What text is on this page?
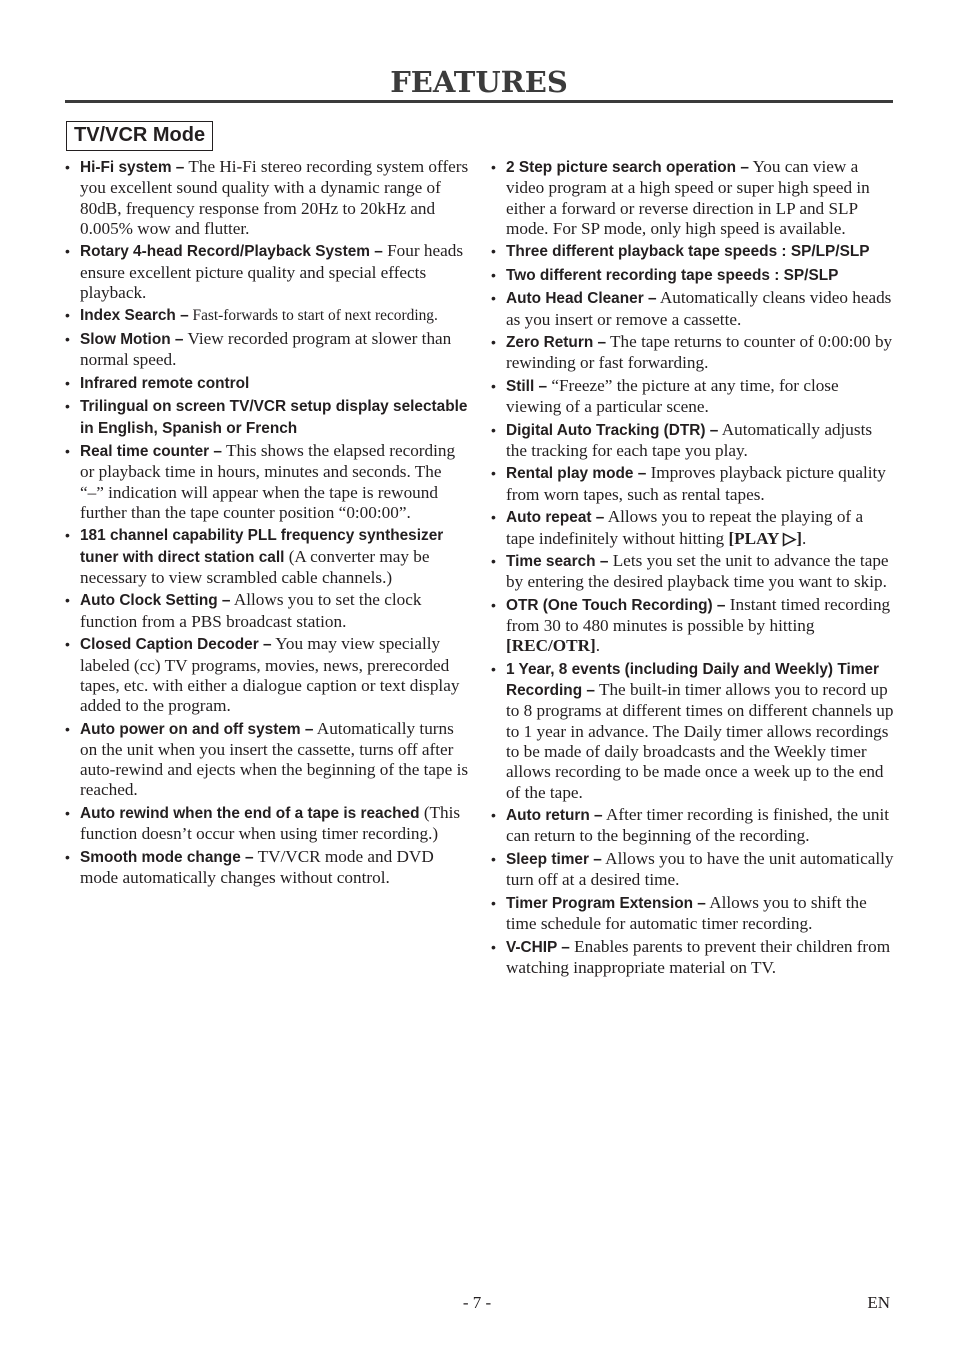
FEATURES
TV/VCR Mode
• Hi-Fi system – The Hi-Fi stereo recording system offers you excellent sound quality with a dynamic range of 80dB, frequency response from 20Hz to 20kHz and 0.005% wow and flutter.
• Rotary 4-head Record/Playback System – Four heads ensure excellent picture quality and special effects playback.
• Index Search – Fast-forwards to start of next recording.
• Slow Motion – View recorded program at slower than normal speed.
• Infrared remote control
• Trilingual on screen TV/VCR setup display selectable in English, Spanish or French
• Real time counter – This shows the elapsed recording or playback time in hours, minutes and seconds. The “–” indication will appear when the tape is rewound further than the tape counter position “0:00:00”.
• 181 channel capability PLL frequency synthesizer tuner with direct station call (A converter may be necessary to view scrambled cable channels.)
• Auto Clock Setting – Allows you to set the clock function from a PBS broadcast station.
• Closed Caption Decoder – You may view specially labeled (cc) TV programs, movies, news, prerecorded tapes, etc. with either a dialogue caption or text display added to the program.
• Auto power on and off system – Automatically turns on the unit when you insert the cassette, turns off after auto-rewind and ejects when the beginning of the tape is reached.
• Auto rewind when the end of a tape is reached (This function doesn’t occur when using timer recording.)
• Smooth mode change – TV/VCR mode and DVD mode automatically changes without control.
• 2 Step picture search operation – You can view a video program at a high speed or super high speed in either a forward or reverse direction in LP and SLP mode. For SP mode, only high speed is available.
• Three different playback tape speeds : SP/LP/SLP
• Two different recording tape speeds : SP/SLP
• Auto Head Cleaner – Automatically cleans video heads as you insert or remove a cassette.
• Zero Return – The tape returns to counter of 0:00:00 by rewinding or fast forwarding.
• Still – “Freeze” the picture at any time, for close viewing of a particular scene.
• Digital Auto Tracking (DTR) – Automatically adjusts the tracking for each tape you play.
• Rental play mode – Improves playback picture quality from worn tapes, such as rental tapes.
• Auto repeat – Allows you to repeat the playing of a tape indefinitely without hitting [PLAY ▷].
• Time search – Lets you set the unit to advance the tape by entering the desired playback time you want to skip.
• OTR (One Touch Recording) – Instant timed recording from 30 to 480 minutes is possible by hitting [REC/OTR].
• 1 Year, 8 events (including Daily and Weekly) Timer Recording – The built-in timer allows you to record up to 8 programs at different times on different channels up to 1 year in advance. The Daily timer allows recordings to be made of daily broadcasts and the Weekly timer allows recording to be made once a week up to the end of the tape.
• Auto return – After timer recording is finished, the unit can return to the beginning of the recording.
• Sleep timer – Allows you to have the unit automatically turn off at a desired time.
• Timer Program Extension – Allows you to shift the time schedule for automatic timer recording.
• V-CHIP – Enables parents to prevent their children from watching inappropriate material on TV.
- 7 -	EN
